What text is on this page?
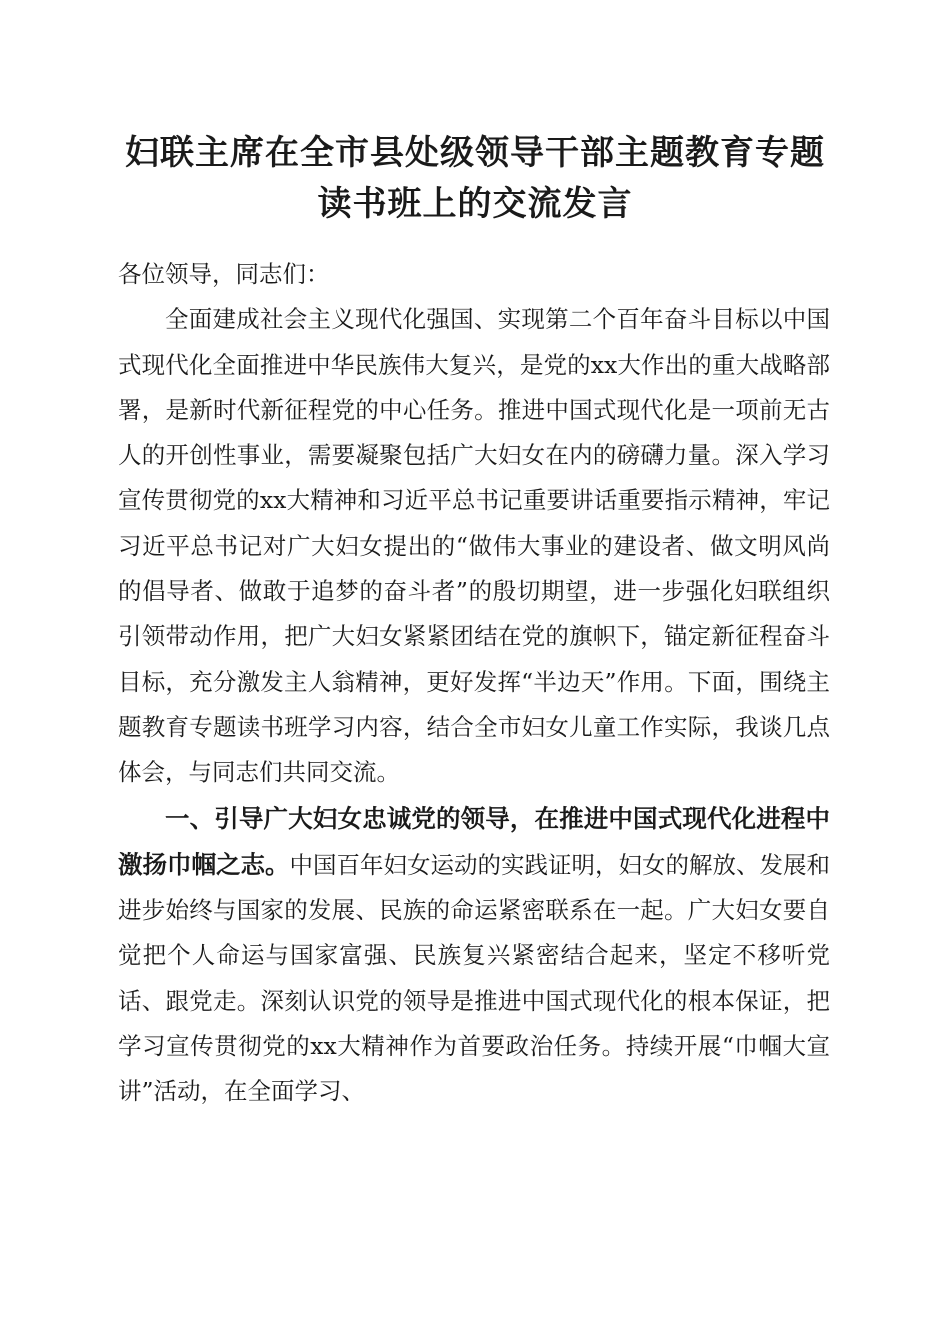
妇联主席在全市县处级领导干部主题教育专题
读书班上的交流发言

各位领导，同志们：

全面建成社会主义现代化强国、实现第二个百年奋斗目标以中国式现代化全面推进中华民族伟大复兴，是党的xx大作出的重大战略部署，是新时代新征程党的中心任务。推进中国式现代化是一项前无古人的开创性事业，需要凝聚包括广大妇女在内的磅礴力量。深入学习宣传贯彻党的xx大精神和习近平总书记重要讲话重要指示精神，牢记习近平总书记对广大妇女提出的“做伟大事业的建设者、做文明风尚的倡导者、做敢于追梦的奋斗者”的殷切期望，进一步强化妇联组织引领带动作用，把广大妇女紧紧团结在党的旗帜下，锚定新征程奋斗目标，充分激发主人翁精神，更好发挥“半边天”作用。下面，围绕主题教育专题读书班学习内容，结合全市妇女儿童工作实际，我谈几点体会，与同志们共同交流。

一、引导广大妇女忠诚党的领导，在推进中国式现代化进程中激扬巾帼之志。中国百年妇女运动的实践证明，妇女的解放、发展和进步始终与国家的发展、民族的命运紧密联系在一起。广大妇女要自觉把个人命运与国家富强、民族复兴紧密结合起来，坚定不移听党话、跟党走。深刻认识党的领导是推进中国式现代化的根本保证，把学习宣传贯彻党的xx大精神作为首要政治任务。持续开展“巾帼大宣讲”活动，在全面学习、
